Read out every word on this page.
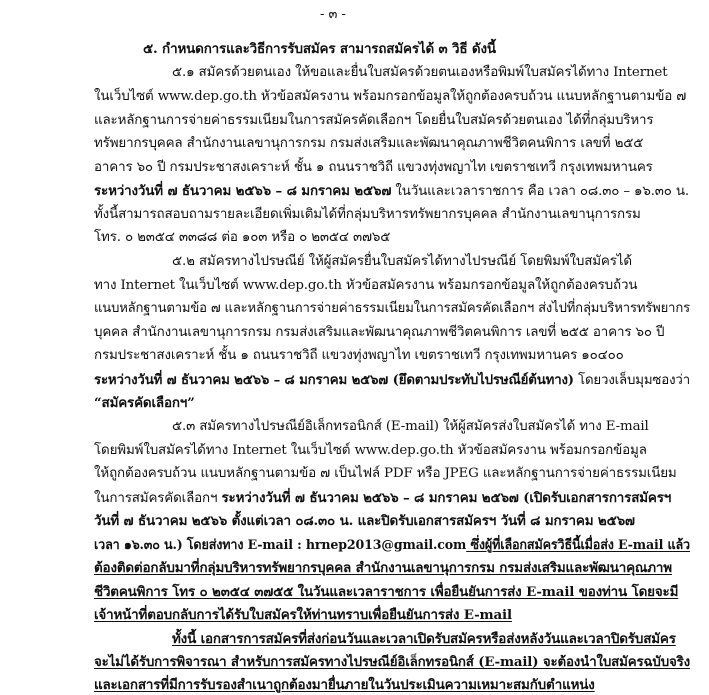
- ๓ -
๕. กำหนดการและวิธีการรับสมัคร สามารถสมัครได้ ๓ วิธี ดังนี้
๕.๑ สมัครด้วยตนเอง ให้ขอและยื่นใบสมัครด้วยตนเองหรือพิมพ์ใบสมัครได้ทาง Internet
ในเว็บไซต์ www.dep.go.th หัวข้อสมัครงาน พร้อมกรอกข้อมูลให้ถูกต้องครบถ้วน แนบหลักฐานตามข้อ ๗
และหลักฐานการจ่ายค่าธรรมเนียมในการสมัครคัดเลือกฯ โดยยื่นใบสมัครด้วยตนเอง ได้ที่กลุ่มบริหาร
ทรัพยากรบุคคล สำนักงานเลขานุการกรม กรมส่งเสริมและพัฒนาคุณภาพชีวิตคนพิการ เลขที่ ๒๕๕
อาคาร ๖๐ ปี กรมประชาสงเคราะห์ ชั้น ๑ ถนนราชวิถี แขวงทุ่งพญาไท เขตราชเทวี กรุงเทพมหานคร
ระหว่างวันที่ ๗ ธันวาคม ๒๕๖๖ – ๘ มกราคม ๒๕๖๗ ในวันและเวลาราชการ คือ เวลา ๐๘.๓๐ – ๑๖.๓๐ น.
ทั้งนี้สามารถสอบถามรายละเอียดเพิ่มเติมได้ที่กลุ่มบริหารทรัพยากรบุคคล สำนักงานเลขานุการกรม
โทร. ๐ ๒๓๕๔ ๓๓๘๘ ต่อ ๑๐๓ หรือ ๐ ๒๓๕๔ ๓๗๖๕
๕.๒ สมัครทางไปรษณีย์ ให้ผู้สมัครยื่นใบสมัครได้ทางไปรษณีย์ โดยพิมพ์ใบสมัครได้
ทาง Internet ในเว็บไซต์ www.dep.go.th หัวข้อสมัครงาน พร้อมกรอกข้อมูลให้ถูกต้องครบถ้วน
แนบหลักฐานตามข้อ ๗ และหลักฐานการจ่ายค่าธรรมเนียมในการสมัครคัดเลือกฯ ส่งไปที่กลุ่มบริหารทรัพยากร
บุคคล สำนักงานเลขานุการกรม กรมส่งเสริมและพัฒนาคุณภาพชีวิตคนพิการ เลขที่ ๒๕๕ อาคาร ๖๐ ปี
กรมประชาสงเคราะห์ ชั้น ๑ ถนนราชวิถี แขวงทุ่งพญาไท เขตราชเทวี กรุงเทพมหานคร ๑๐๔๐๐
ระหว่างวันที่ ๗ ธันวาคม ๒๕๖๖ – ๘ มกราคม ๒๕๖๗ (ยึดตามประทับไปรษณีย์ต้นทาง) โดยวงเล็บมุมซองว่า
“สมัครคัดเลือกฯ”
๕.๓ สมัครทางไปรษณีย์อิเล็กทรอนิกส์ (E-mail) ให้ผู้สมัครส่งใบสมัครได้ ทาง E-mail
โดยพิมพ์ใบสมัครได้ทาง Internet ในเว็บไซต์ www.dep.go.th หัวข้อสมัครงาน พร้อมกรอกข้อมูล
ให้ถูกต้องครบถ้วน แนบหลักฐานตามข้อ ๗ เป็นไฟล์ PDF หรือ JPEG และหลักฐานการจ่ายค่าธรรมเนียม
ในการสมัครคัดเลือกฯ ระหว่างวันที่ ๗ ธันวาคม ๒๕๖๖ – ๘ มกราคม ๒๕๖๗ (เปิดรับเอกสารการสมัครฯ
วันที่ ๗ ธันวาคม ๒๕๖๖ ตั้งแต่เวลา ๐๘.๓๐ น. และปิดรับเอกสารสมัครฯ วันที่ ๘ มกราคม ๒๕๖๗
เวลา ๑๖.๓๐ น.) โดยส่งทาง E-mail : hrnep2013@gmail.com ซึ่งผู้ที่เลือกสมัครวิธีนี้เมื่อส่ง E-mail แล้ว
ต้องติดต่อกลับมาที่กลุ่มบริหารทรัพยากรบุคคล สำนักงานเลขานุการกรม กรมส่งเสริมและพัฒนาคุณภาพ
ชีวิตคนพิการ โทร ๐ ๒๓๕๔ ๓๗๕๕ ในวันและเวลาราชการ เพื่อยืนยันการส่ง E-mail ของท่าน โดยจะมี
เจ้าหน้าที่ตอบกลับการได้รับใบสมัครให้ท่านทราบเพื่อยืนยันการส่ง E-mail
ทั้งนี้ เอกสารการสมัครที่ส่งก่อนวันและเวลาเปิดรับสมัครหรือส่งหลังวันและเวลาปิดรับสมัคร
จะไม่ได้รับการพิจารณา สำหรับการสมัครทางไปรษณีย์อิเล็กทรอนิกส์ (E-mail) จะต้องนำใบสมัครฉบับจริง
และเอกสารที่มีการรับรองสำเนาถูกต้องมายื่นภายในวันประเมินความเหมาะสมกับตำแหน่ง
